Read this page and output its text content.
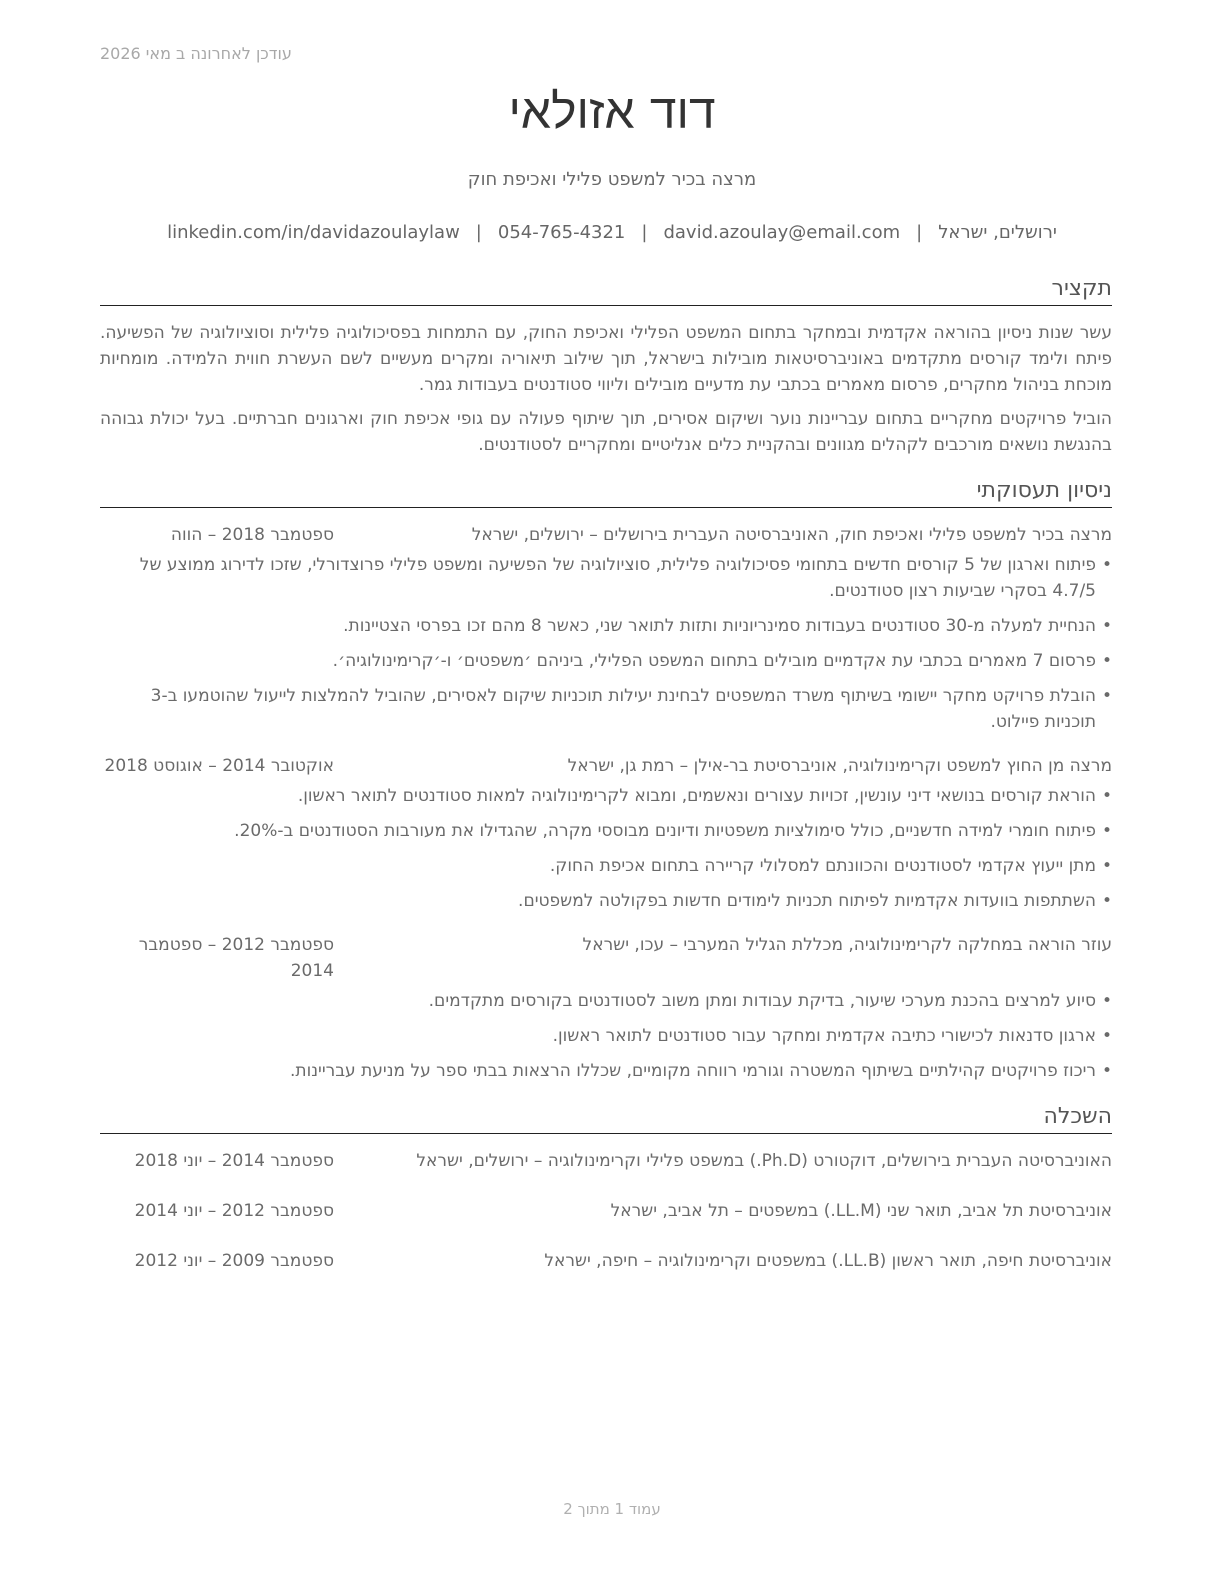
עודכן לאחרונה ב מאי 2026
דוד אזולאי
מרצה בכיר למשפט פלילי ואכיפת חוק
ירושלים, ישראל|david.azoulay@email.com|054-765-4321|linkedin.com/in/davidazoulaylaw
תקציר

עשר שנות ניסיון בהוראה אקדמית ובמחקר בתחום המשפט הפלילי ואכיפת החוק, עם התמחות בפסיכולוגיה פלילית וסוציולוגיה של הפשיעה. פיתח ולימד קורסים מתקדמים באוניברסיטאות מובילות בישראל, תוך שילוב תיאוריה ומקרים מעשיים לשם העשרת חווית הלמידה. מומחיות מוכחת בניהול מחקרים, פרסום מאמרים בכתבי עת מדעיים מובילים וליווי סטודנטים בעבודות גמר.

הוביל פרויקטים מחקריים בתחום עבריינות נוער ושיקום אסירים, תוך שיתוף פעולה עם גופי אכיפת חוק וארגונים חברתיים. בעל יכולת גבוהה בהנגשת נושאים מורכבים לקהלים מגוונים ובהקניית כלים אנליטיים ומחקריים לסטודנטים.

ניסיון תעסוקתי
מרצה בכיר למשפט פלילי ואכיפת חוק, האוניברסיטה העברית בירושלים – ירושלים, ישראל
ספטמבר 2018 – הווה
•
פיתוח וארגון של 5 קורסים חדשים בתחומי פסיכולוגיה פלילית, סוציולוגיה של הפשיעה ומשפט פלילי פרוצדורלי, שזכו לדירוג ממוצע של 4.7/5 בסקרי שביעות רצון סטודנטים.
•
הנחיית למעלה מ-30 סטודנטים בעבודות סמינריוניות ותזות לתואר שני, כאשר 8 מהם זכו בפרסי הצטיינות.
•
פרסום 7 מאמרים בכתבי עת אקדמיים מובילים בתחום המשפט הפלילי, ביניהם ׳משפטים׳ ו-׳קרימינולוגיה׳.
•
הובלת פרויקט מחקר יישומי בשיתוף משרד המשפטים לבחינת יעילות תוכניות שיקום לאסירים, שהוביל להמלצות לייעול שהוטמעו ב-3 תוכניות פיילוט.
מרצה מן החוץ למשפט וקרימינולוגיה, אוניברסיטת בר-אילן – רמת גן, ישראל
אוקטובר 2014 – אוגוסט 2018
•
הוראת קורסים בנושאי דיני עונשין, זכויות עצורים ונאשמים, ומבוא לקרימינולוגיה למאות סטודנטים לתואר ראשון.
•
פיתוח חומרי למידה חדשניים, כולל סימולציות משפטיות ודיונים מבוססי מקרה, שהגדילו את מעורבות הסטודנטים ב-20%.
•
מתן ייעוץ אקדמי לסטודנטים והכוונתם למסלולי קריירה בתחום אכיפת החוק.
•
השתתפות בוועדות אקדמיות לפיתוח תכניות לימודים חדשות בפקולטה למשפטים.
עוזר הוראה במחלקה לקרימינולוגיה, מכללת הגליל המערבי – עכו, ישראל
ספטמבר 2012 – ספטמבר 2014
•
סיוע למרצים בהכנת מערכי שיעור, בדיקת עבודות ומתן משוב לסטודנטים בקורסים מתקדמים.
•
ארגון סדנאות לכישורי כתיבה אקדמית ומחקר עבור סטודנטים לתואר ראשון.
•
ריכוז פרויקטים קהילתיים בשיתוף המשטרה וגורמי רווחה מקומיים, שכללו הרצאות בבתי ספר על מניעת עבריינות.
השכלה
האוניברסיטה העברית בירושלים, דוקטורט (Ph.D.) במשפט פלילי וקרימינולוגיה – ירושלים, ישראל
ספטמבר 2014 – יוני 2018
אוניברסיטת תל אביב, תואר שני (LL.M.) במשפטים – תל אביב, ישראל
ספטמבר 2012 – יוני 2014
אוניברסיטת חיפה, תואר ראשון (LL.B.) במשפטים וקרימינולוגיה – חיפה, ישראל
ספטמבר 2009 – יוני 2012
עמוד 1 מתוך 2
